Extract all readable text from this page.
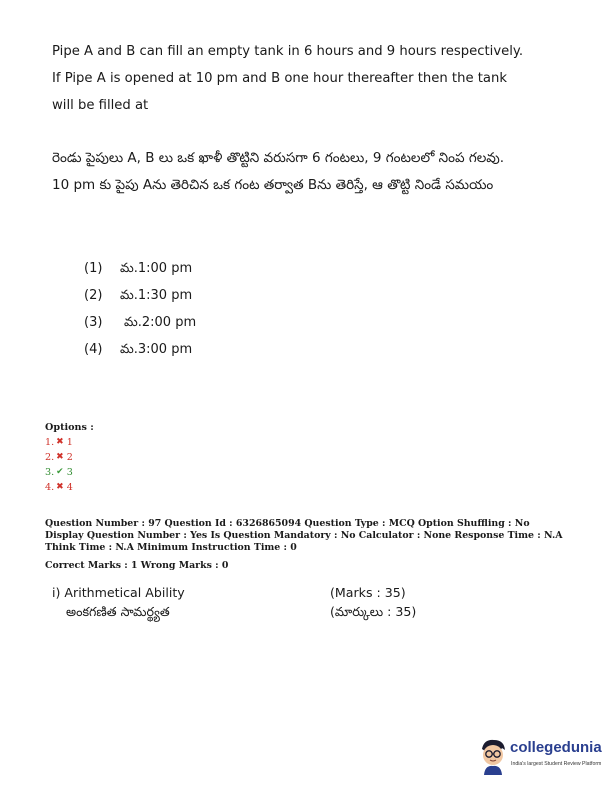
Pipe A and B can fill an empty tank in 6 hours and 9 hours respectively. If Pipe A is opened at 10 pm and B one hour thereafter then the tank will be filled at
రెండు పైపులు A, B లు ఒక ఖాళీ తొట్టిని వరుసగా 6 గంటలు, 9 గంటలలో నింప గలవు. 10 pm కు పైపు Aను తెరిచిన ఒక గంట తర్వాత Bను తెరిస్తే, ఆ తొట్టి నిండే సమయం
(1) మ.1:00 pm
(2) మ.1:30 pm
(3) మ.2:00 pm
(4) మ.3:00 pm
Options :
1. ✖ 1
2. ✖ 2
3. ✔ 3
4. ✖ 4
Question Number : 97 Question Id : 6326865094 Question Type : MCQ Option Shuffling : No Display Question Number : Yes Is Question Mandatory : No Calculator : None Response Time : N.A Think Time : N.A Minimum Instruction Time : 0
Correct Marks : 1 Wrong Marks : 0
i) Arithmetical Ability
అంకగణిత సామర్థ్యత
(Marks : 35)
(మార్కులు : 35)
collegedunia
India's largest Student Review Platform
